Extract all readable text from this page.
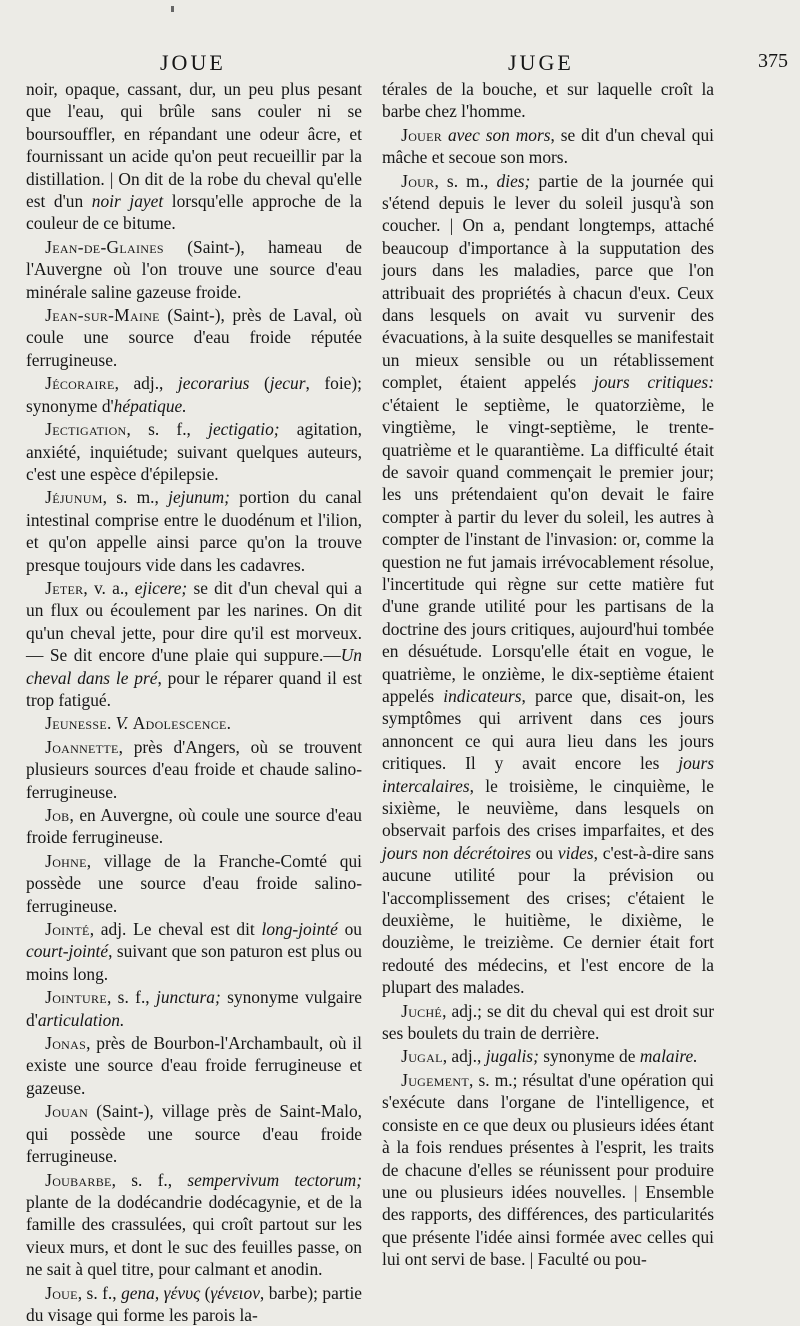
JOUE	JUGE	375

noir, opaque, cassant, dur, un peu plus pesant que l'eau, qui brûle sans couler ni se boursouffler, en répandant une odeur âcre, et fournissant un acide qu'on peut recueillir par la distillation. | On dit de la robe du cheval qu'elle est d'un noir jayet lorsqu'elle approche de la couleur de ce bitume.

Jean-de-Glaines (Saint-), hameau de l'Auvergne où l'on trouve une source d'eau minérale saline gazeuse froide.

Jean-sur-Maine (Saint-), près de Laval, où coule une source d'eau froide réputée ferrugineuse.

Jécoraire, adj., jecorarius (jecur, foie); synonyme d'hépatique.

Jectigation, s. f., jectigatio; agitation, anxiété, inquiétude; suivant quelques auteurs, c'est une espèce d'épilepsie.

Jéjunum, s. m., jejunum; portion du canal intestinal comprise entre le duodénum et l'ilion, et qu'on appelle ainsi parce qu'on la trouve presque toujours vide dans les cadavres.

Jeter, v. a., ejicere; se dit d'un cheval qui a un flux ou écoulement par les narines. On dit qu'un cheval jette, pour dire qu'il est morveux. — Se dit encore d'une plaie qui suppure.—Un cheval dans le pré, pour le réparer quand il est trop fatigué.

Jeunesse. V. Adolescence.

Joannette, près d'Angers, où se trouvent plusieurs sources d'eau froide et chaude salino-ferrugineuse.

Job, en Auvergne, où coule une source d'eau froide ferrugineuse.

Johne, village de la Franche-Comté qui possède une source d'eau froide salino-ferrugineuse.

Jointé, adj. Le cheval est dit long-jointé ou court-jointé, suivant que son paturon est plus ou moins long.

Jointure, s. f., junctura; synonyme vulgaire d'articulation.

Jonas, près de Bourbon-l'Archambault, où il existe une source d'eau froide ferrugineuse et gazeuse.

Jouan (Saint-), village près de Saint-Malo, qui possède une source d'eau froide ferrugineuse.

Joubarbe, s. f., sempervivum tectorum; plante de la dodécandrie dodécagynie, et de la famille des crassulées, qui croît partout sur les vieux murs, et dont le suc des feuilles passe, on ne sait à quel titre, pour calmant et anodin.

Joue, s. f., gena, γένυς (γένειον, barbe); partie du visage qui forme les parois la-

térales de la bouche, et sur laquelle croît la barbe chez l'homme.

Jouer avec son mors, se dit d'un cheval qui mâche et secoue son mors.

Jour, s. m., dies; partie de la journée qui s'étend depuis le lever du soleil jusqu'à son coucher. | On a, pendant longtemps, attaché beaucoup d'importance à la supputation des jours dans les maladies, parce que l'on attribuait des propriétés à chacun d'eux. Ceux dans lesquels on avait vu survenir des évacuations, à la suite desquelles se manifestait un mieux sensible ou un rétablissement complet, étaient appelés jours critiques: c'étaient le septième, le quatorzième, le vingtième, le vingt-septième, le trente-quatrième et le quarantième. La difficulté était de savoir quand commençait le premier jour; les uns prétendaient qu'on devait le faire compter à partir du lever du soleil, les autres à compter de l'instant de l'invasion: or, comme la question ne fut jamais irrévocablement résolue, l'incertitude qui règne sur cette matière fut d'une grande utilité pour les partisans de la doctrine des jours critiques, aujourd'hui tombée en désuétude. Lorsqu'elle était en vogue, le quatrième, le onzième, le dix-septième étaient appelés indicateurs, parce que, disait-on, les symptômes qui arrivent dans ces jours annoncent ce qui aura lieu dans les jours critiques. Il y avait encore les jours intercalaires, le troisième, le cinquième, le sixième, le neuvième, dans lesquels on observait parfois des crises imparfaites, et des jours non décrétoires ou vides, c'est-à-dire sans aucune utilité pour la prévision ou l'accomplissement des crises; c'étaient le deuxième, le huitième, le dixième, le douzième, le treizième. Ce dernier était fort redouté des médecins, et l'est encore de la plupart des malades.

Juché, adj.; se dit du cheval qui est droit sur ses boulets du train de derrière.

Jugal, adj., jugalis; synonyme de malaire.

Jugement, s. m.; résultat d'une opération qui s'exécute dans l'organe de l'intelligence, et consiste en ce que deux ou plusieurs idées étant à la fois rendues présentes à l'esprit, les traits de chacune d'elles se réunissent pour produire une ou plusieurs idées nouvelles. | Ensemble des rapports, des différences, des particularités que présente l'idée ainsi formée avec celles qui lui ont servi de base. | Faculté ou pou-
